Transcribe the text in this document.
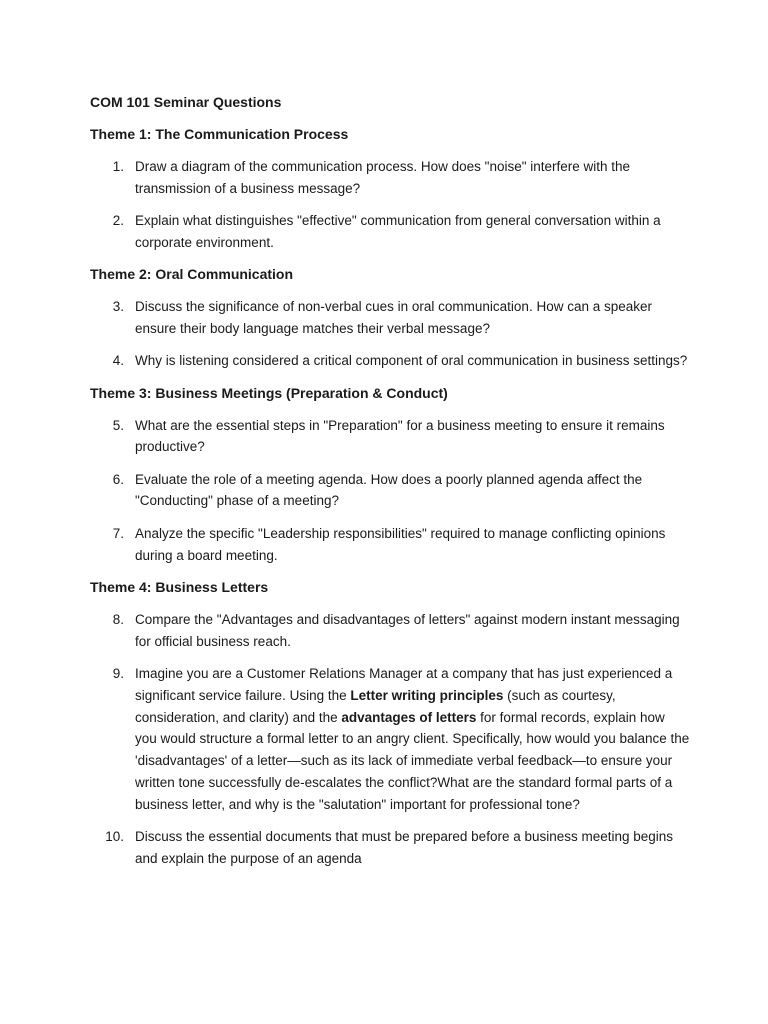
COM 101 Seminar Questions
Theme 1: The Communication Process
1. Draw a diagram of the communication process. How does "noise" interfere with the transmission of a business message?
2. Explain what distinguishes "effective" communication from general conversation within a corporate environment.
Theme 2: Oral Communication
3. Discuss the significance of non-verbal cues in oral communication. How can a speaker ensure their body language matches their verbal message?
4. Why is listening considered a critical component of oral communication in business settings?
Theme 3: Business Meetings (Preparation & Conduct)
5. What are the essential steps in "Preparation" for a business meeting to ensure it remains productive?
6. Evaluate the role of a meeting agenda. How does a poorly planned agenda affect the "Conducting" phase of a meeting?
7. Analyze the specific "Leadership responsibilities" required to manage conflicting opinions during a board meeting.
Theme 4: Business Letters
8. Compare the "Advantages and disadvantages of letters" against modern instant messaging for official business reach.
9. Imagine you are a Customer Relations Manager at a company that has just experienced a significant service failure. Using the Letter writing principles (such as courtesy, consideration, and clarity) and the advantages of letters for formal records, explain how you would structure a formal letter to an angry client. Specifically, how would you balance the 'disadvantages' of a letter—such as its lack of immediate verbal feedback—to ensure your written tone successfully de-escalates the conflict?What are the standard formal parts of a business letter, and why is the "salutation" important for professional tone?
10. Discuss the essential documents that must be prepared before a business meeting begins and explain the purpose of an agenda
